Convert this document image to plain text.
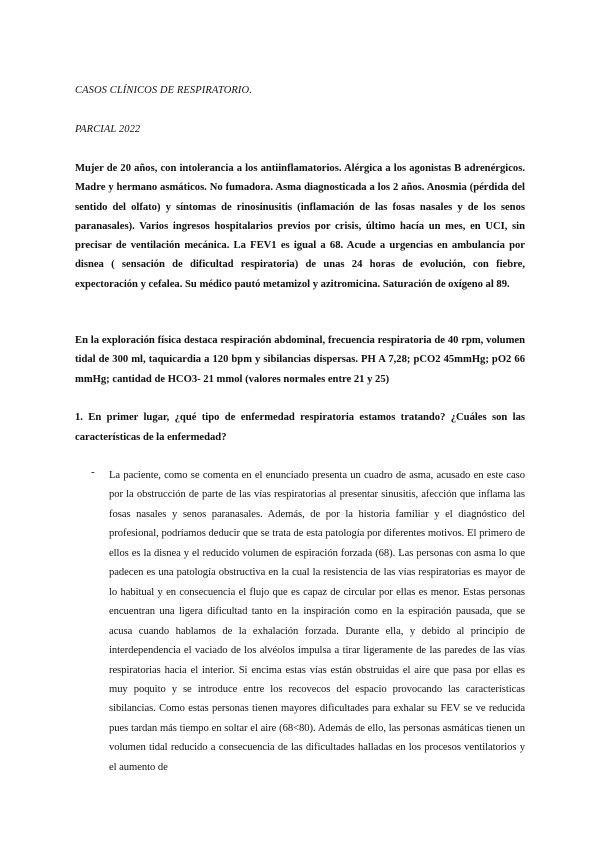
CASOS CLÍNICOS DE RESPIRATORIO.
PARCIAL 2022
Mujer de 20 años, con intolerancia a los antiinflamatorios. Alérgica a los agonistas B adrenérgicos. Madre y hermano asmáticos. No fumadora. Asma diagnosticada a los 2 años. Anosmia (pérdida del sentido del olfato) y síntomas de rinosinusitis (inflamación de las fosas nasales y de los senos paranasales). Varios ingresos hospitalarios previos por crisis, último hacía un mes, en UCI, sin precisar de ventilación mecánica. La FEV1 es igual a 68. Acude a urgencias en ambulancia por disnea ( sensación de dificultad respiratoria) de unas 24 horas de evolución, con fiebre, expectoración y cefalea. Su médico pautó metamizol y azitromicina. Saturación de oxígeno al 89.
En la exploración física destaca respiración abdominal, frecuencia respiratoria de 40 rpm, volumen tidal de 300 ml, taquicardia a 120 bpm y sibilancias dispersas. PH A 7,28; pCO2 45mmHg; pO2 66 mmHg; cantidad de HCO3- 21 mmol (valores normales entre 21 y 25)
1. En primer lugar, ¿qué tipo de enfermedad respiratoria estamos tratando? ¿Cuáles son las características de la enfermedad?
- La paciente, como se comenta en el enunciado presenta un cuadro de asma, acusado en este caso por la obstrucción de parte de las vías respiratorias al presentar sinusitis, afección que inflama las fosas nasales y senos paranasales. Además, de por la historia familiar y el diagnóstico del profesional, podríamos deducir que se trata de esta patología por diferentes motivos. El primero de ellos es la disnea y el reducido volumen de espiración forzada (68). Las personas con asma lo que padecen es una patología obstructiva en la cual la resistencia de las vías respiratorias es mayor de lo habitual y en consecuencia el flujo que es capaz de circular por ellas es menor. Estas personas encuentran una ligera dificultad tanto en la inspiración como en la espiración pausada, que se acusa cuando hablamos de la exhalación forzada. Durante ella, y debido al principio de interdependencia el vaciado de los alvéolos impulsa a tirar ligeramente de las paredes de las vías respiratorias hacia el interior. Si encima estas vías están obstruidas el aire que pasa por ellas es muy poquito y se introduce entre los recovecos del espacio provocando las características sibilancias. Como estas personas tienen mayores dificultades para exhalar su FEV se ve reducida pues tardan más tiempo en soltar el aire (68<80). Además de ello, las personas asmáticas tienen un volumen tidal reducido a consecuencia de las dificultades halladas en los procesos ventilatorios y el aumento de
